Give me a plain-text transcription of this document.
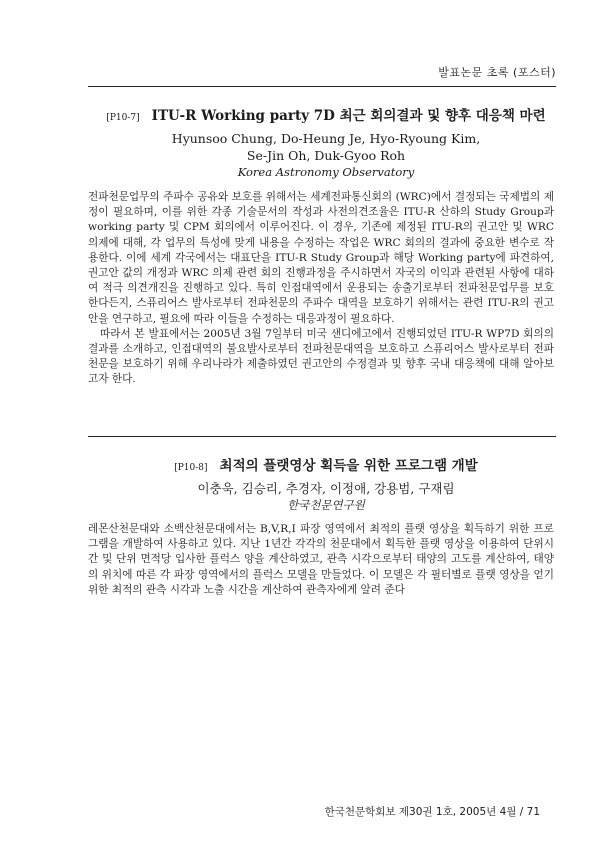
발표논문 초록 (포스터)
[P10-7] ITU-R Working party 7D 최근 회의결과 및 향후 대응책 마련
Hyunsoo Chung, Do-Heung Je, Hyo-Ryoung Kim,
Se-Jin Oh, Duk-Gyoo Roh
Korea Astronomy Observatory
전파천문업무의 주파수 공유와 보호를 위해서는 세계전파통신회의 (WRC)에서 결정되는 국제법의 제정이 필요하며, 이를 위한 각종 기술문서의 작성과 사전의견조율은 ITU-R 산하의 Study Group과 working party 및 CPM 회의에서 이루어진다. 이 경우, 기존에 제정된 ITU-R의 권고안 및 WRC 의제에 대해, 각 업무의 특성에 맞게 내용을 수정하는 작업은 WRC 회의의 결과에 중요한 변수로 작용한다. 이에 세계 각국에서는 대표단을 ITU-R Study Group과 해당 Working party에 파견하여, 권고안 값의 개정과 WRC 의제 관련 회의 진행과정을 주시하면서 자국의 이익과 관련된 사항에 대하여 적극 의견개진을 진행하고 있다. 특히 인접대역에서 운용되는 송출기로부터 전파천문업무를 보호한다든지, 스퓨리어스 발사로부터 전파천문의 주파수 대역을 보호하기 위해서는 관련 ITU-R의 권고안을 연구하고, 필요에 따라 이들을 수정하는 대응과정이 필요하다.
따라서 본 발표에서는 2005년 3월 7일부터 미국 샌디에고에서 진행되었던 ITU-R WP7D 회의의 결과를 소개하고, 인접대역의 불요발사로부터 전파천문대역을 보호하고 스퓨리어스 발사로부터 전파천문을 보호하기 위해 우리나라가 제출하였던 권고안의 수정결과 및 향후 국내 대응책에 대해 알아보고자 한다.
[P10-8] 최적의 플랫영상 획득을 위한 프로그램 개발
이충욱, 김승리, 추경자, 이정애, 강용범, 구재림
한국천문연구원
레몬산천문대와 소백산천문대에서는 B,V,R,I 파장 영역에서 최적의 플랫 영상을 획득하기 위한 프로그램을 개발하여 사용하고 있다. 지난 1년간 각각의 천문대에서 획득한 플랫 영상을 이용하여 단위시간 및 단위 면적당 입사한 플럭스 양을 계산하였고, 관측 시각으로부터 태양의 고도를 계산하여, 태양의 위치에 따른 각 파장 영역에서의 플럭스 모델을 만들었다. 이 모델은 각 필터별로 플랫 영상을 얻기 위한 최적의 관측 시각과 노출 시간을 계산하여 관측자에게 알려 준다
한국천문학회보 제30권 1호, 2005년 4월 / 71
